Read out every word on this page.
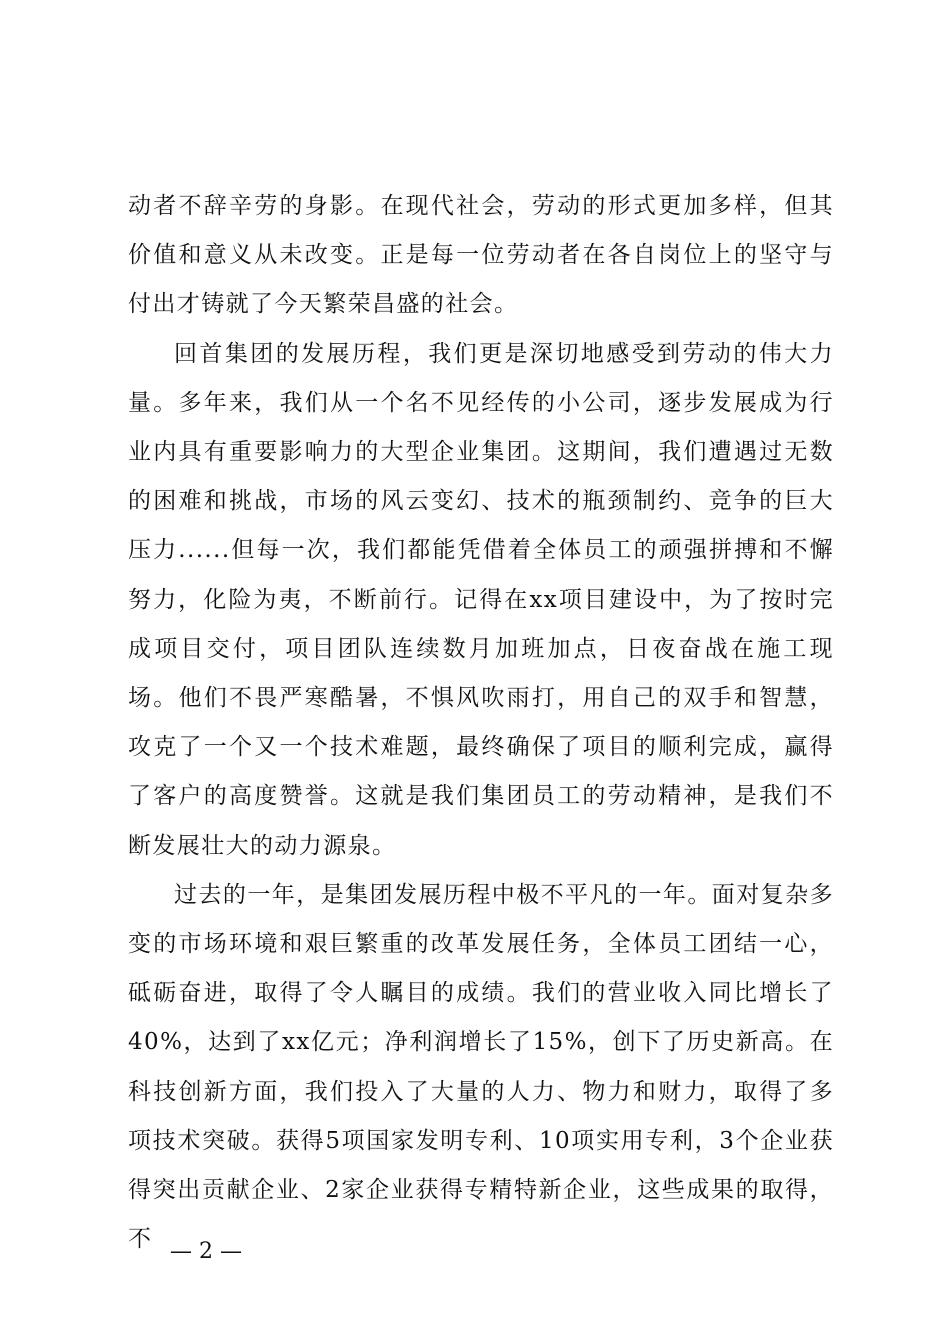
动者不辞辛劳的身影。在现代社会，劳动的形式更加多样，但其价值和意义从未改变。正是每一位劳动者在各自岗位上的坚守与付出才铸就了今天繁荣昌盛的社会。

回首集团的发展历程，我们更是深切地感受到劳动的伟大力量。多年来，我们从一个名不见经传的小公司，逐步发展成为行业内具有重要影响力的大型企业集团。这期间，我们遭遇过无数的困难和挑战，市场的风云变幻、技术的瓶颈制约、竞争的巨大压力......但每一次，我们都能凭借着全体员工的顽强拼搏和不懈努力，化险为夷，不断前行。记得在xx项目建设中，为了按时完成项目交付，项目团队连续数月加班加点，日夜奋战在施工现场。他们不畏严寒酷暑，不惧风吹雨打，用自己的双手和智慧，攻克了一个又一个技术难题，最终确保了项目的顺利完成，赢得了客户的高度赞誉。这就是我们集团员工的劳动精神，是我们不断发展壮大的动力源泉。

过去的一年，是集团发展历程中极不平凡的一年。面对复杂多变的市场环境和艰巨繁重的改革发展任务，全体员工团结一心，砥砺奋进，取得了令人瞩目的成绩。我们的营业收入同比增长了40%，达到了xx亿元；净利润增长了15%，创下了历史新高。在科技创新方面，我们投入了大量的人力、物力和财力，取得了多项技术突破。获得5项国家发明专利、10项实用专利，3个企业获得突出贡献企业、2家企业获得专精特新企业，这些成果的取得，不 — 2 —
